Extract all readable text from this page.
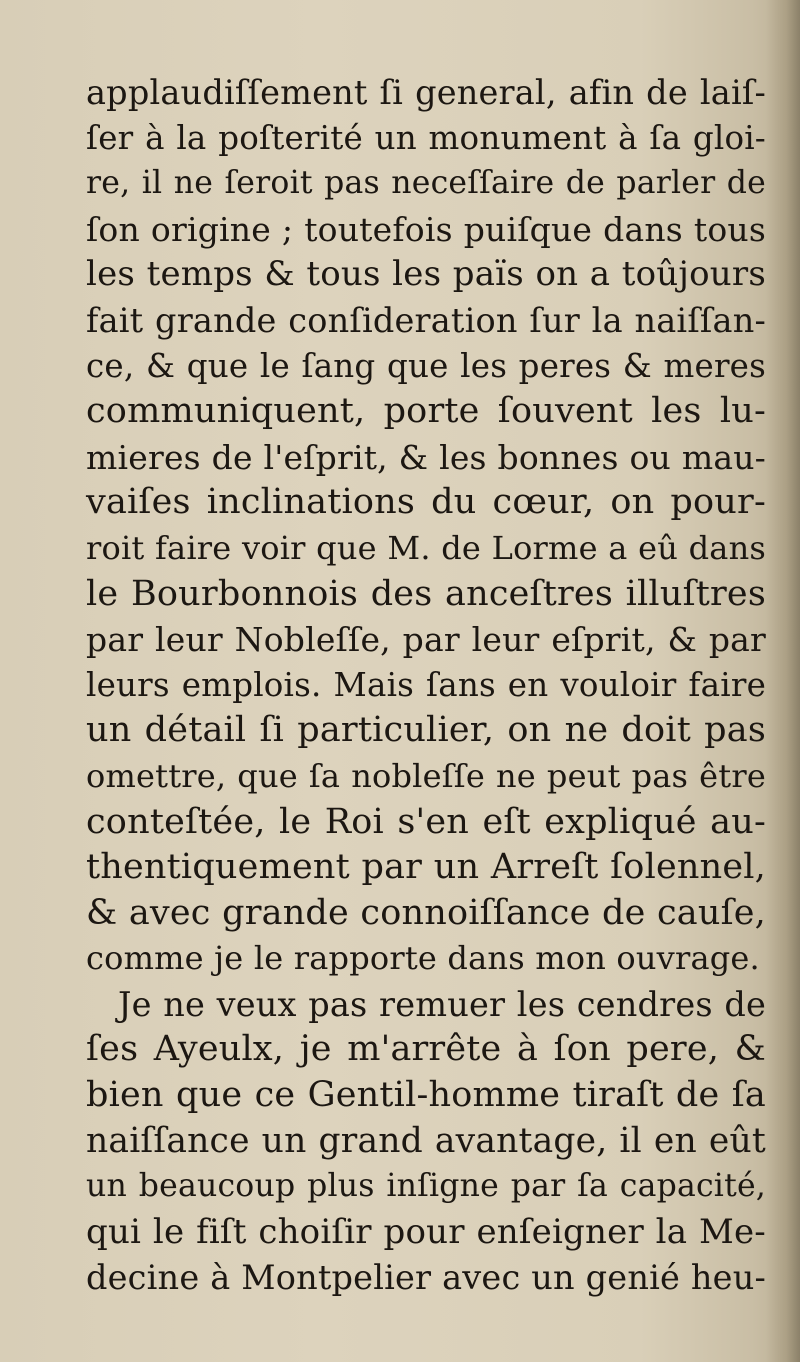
applaudiſſement ſi general, afin de laiſ-
ſer à la poſterité un monument à ſa gloi-
re, il ne ſeroit pas neceſſaire de parler de
ſon origine ; toutefois puiſque dans tous
les temps & tous les païs on a toûjours
fait grande conſideration ſur la naiſſan-
ce, & que le ſang que les peres & meres
communiquent, porte ſouvent les lu-
mieres de l'eſprit, & les bonnes ou mau-
vaiſes inclinations du cœur, on pour-
roit faire voir que M. de Lorme a eû dans
le Bourbonnois des anceſtres illuſtres
par leur Nobleſſe, par leur eſprit, & par
leurs emplois. Mais ſans en vouloir faire
un détail ſi particulier, on ne doit pas
omettre, que ſa nobleſſe ne peut pas être
conteſtée, le Roi s'en eſt expliqué au-
thentiquement par un Arreſt ſolennel,
& avec grande connoiſſance de cauſe,
comme je le rapporte dans mon ouvrage.
Je ne veux pas remuer les cendres de
ſes Ayeulx, je m'arrête à ſon pere, &
bien que ce Gentil-homme tiraſt de ſa
naiſſance un grand avantage, il en eût
un beaucoup plus inſigne par ſa capacité,
qui le fiſt choiſir pour enſeigner la Me-
decine à Montpelier avec un genié heu-
